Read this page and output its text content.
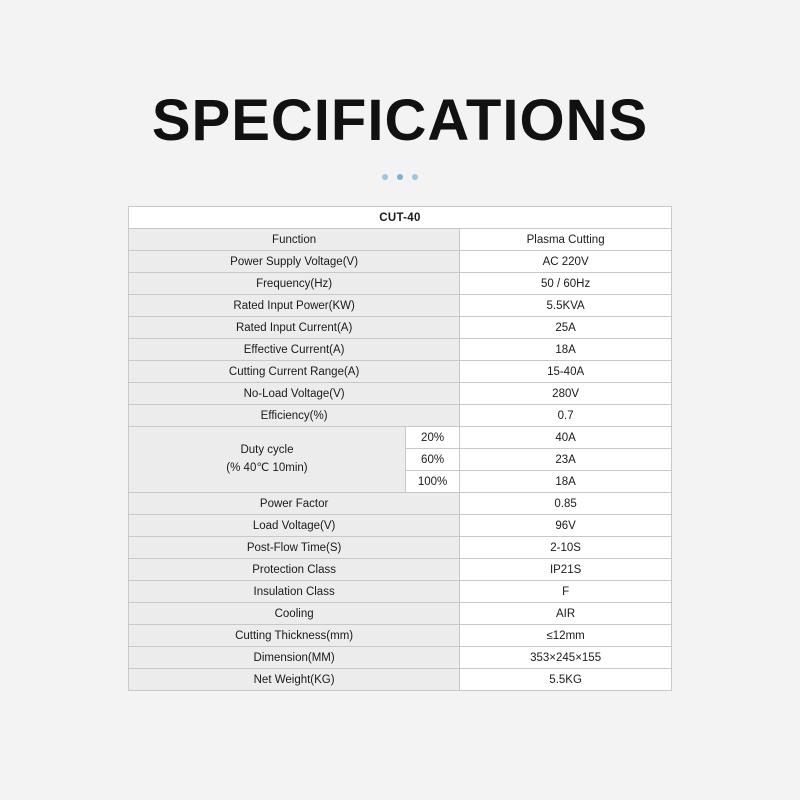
SPECIFICATIONS
CUT-40		
Function		Plasma Cutting
Power Supply Voltage(V)		AC 220V
Frequency(Hz)		50 / 60Hz
Rated Input Power(KW)		5.5KVA
Rated Input Current(A)		25A
Effective Current(A)		18A
Cutting Current Range(A)		15-40A
No-Load Voltage(V)		280V
Efficiency(%)		0.7
Duty cycle
(% 40℃ 10min)	20%	40A
	60%	23A
	100%	18A
Power Factor		0.85
Load Voltage(V)		96V
Post-Flow Time(S)		2-10S
Protection Class		IP21S
Insulation Class		F
Cooling		AIR
Cutting Thickness(mm)		≤12mm
Dimension(MM)		353×245×155
Net Weight(KG)		5.5KG
